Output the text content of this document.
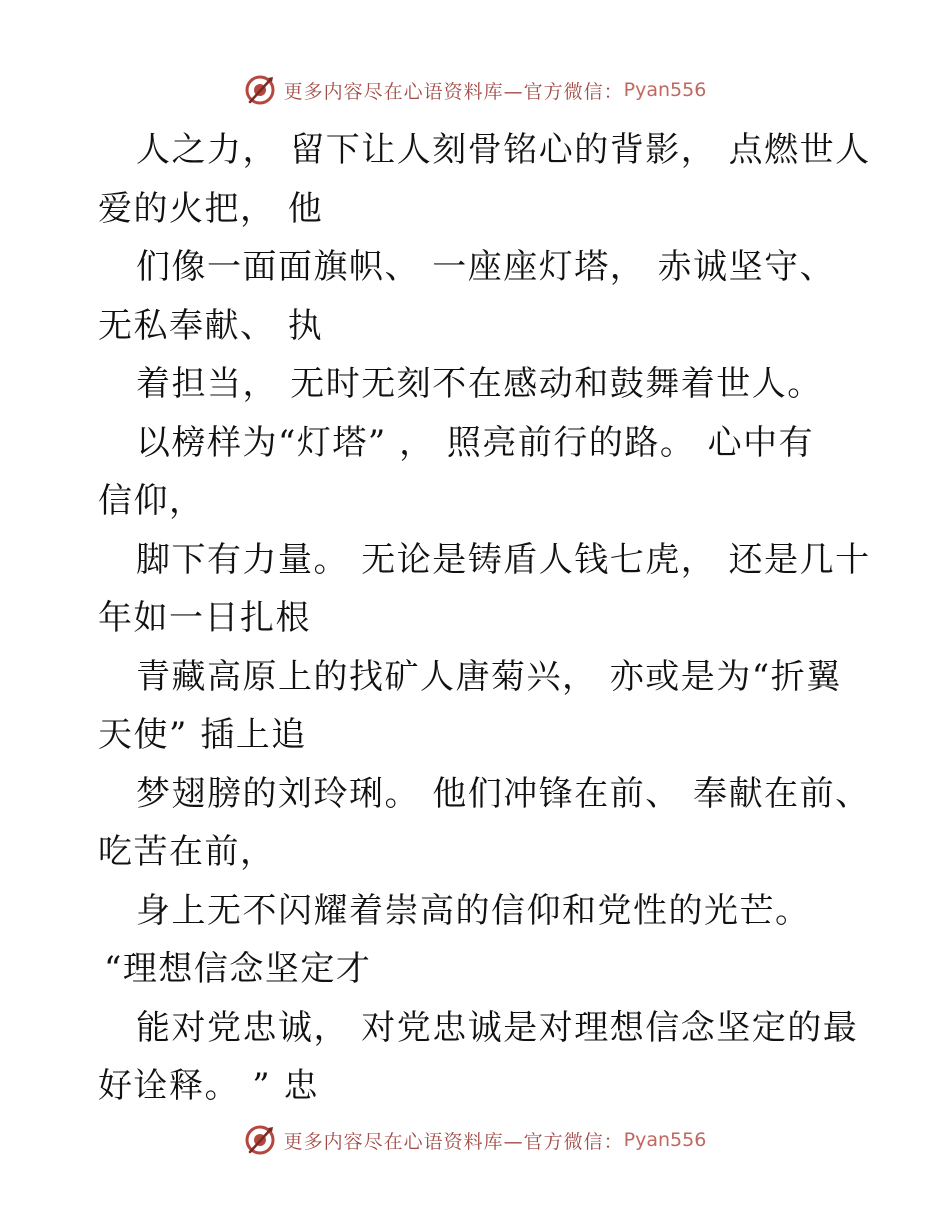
更多内容尽在心语资料库—官方微信： Pyan556
人之力， 留下让人刻骨铭心的背影， 点燃世人
爱的火把， 他
们像一面面旗帜、 一座座灯塔， 赤诚坚守、
无私奉献、 执
着担当， 无时无刻不在感动和鼓舞着世人。
以榜样为“灯塔” ， 照亮前行的路。 心中有
信仰，
脚下有力量。 无论是铸盾人钱七虎， 还是几十
年如一日扎根
青藏高原上的找矿人唐菊兴， 亦或是为“折翼
天使” 插上追
梦翅膀的刘玲琍。 他们冲锋在前、 奉献在前、
吃苦在前，
身上无不闪耀着崇高的信仰和党性的光芒。
“理想信念坚定才
能对党忠诚， 对党忠诚是对理想信念坚定的最
好诠释。 ” 忠
更多内容尽在心语资料库—官方微信： Pyan556
